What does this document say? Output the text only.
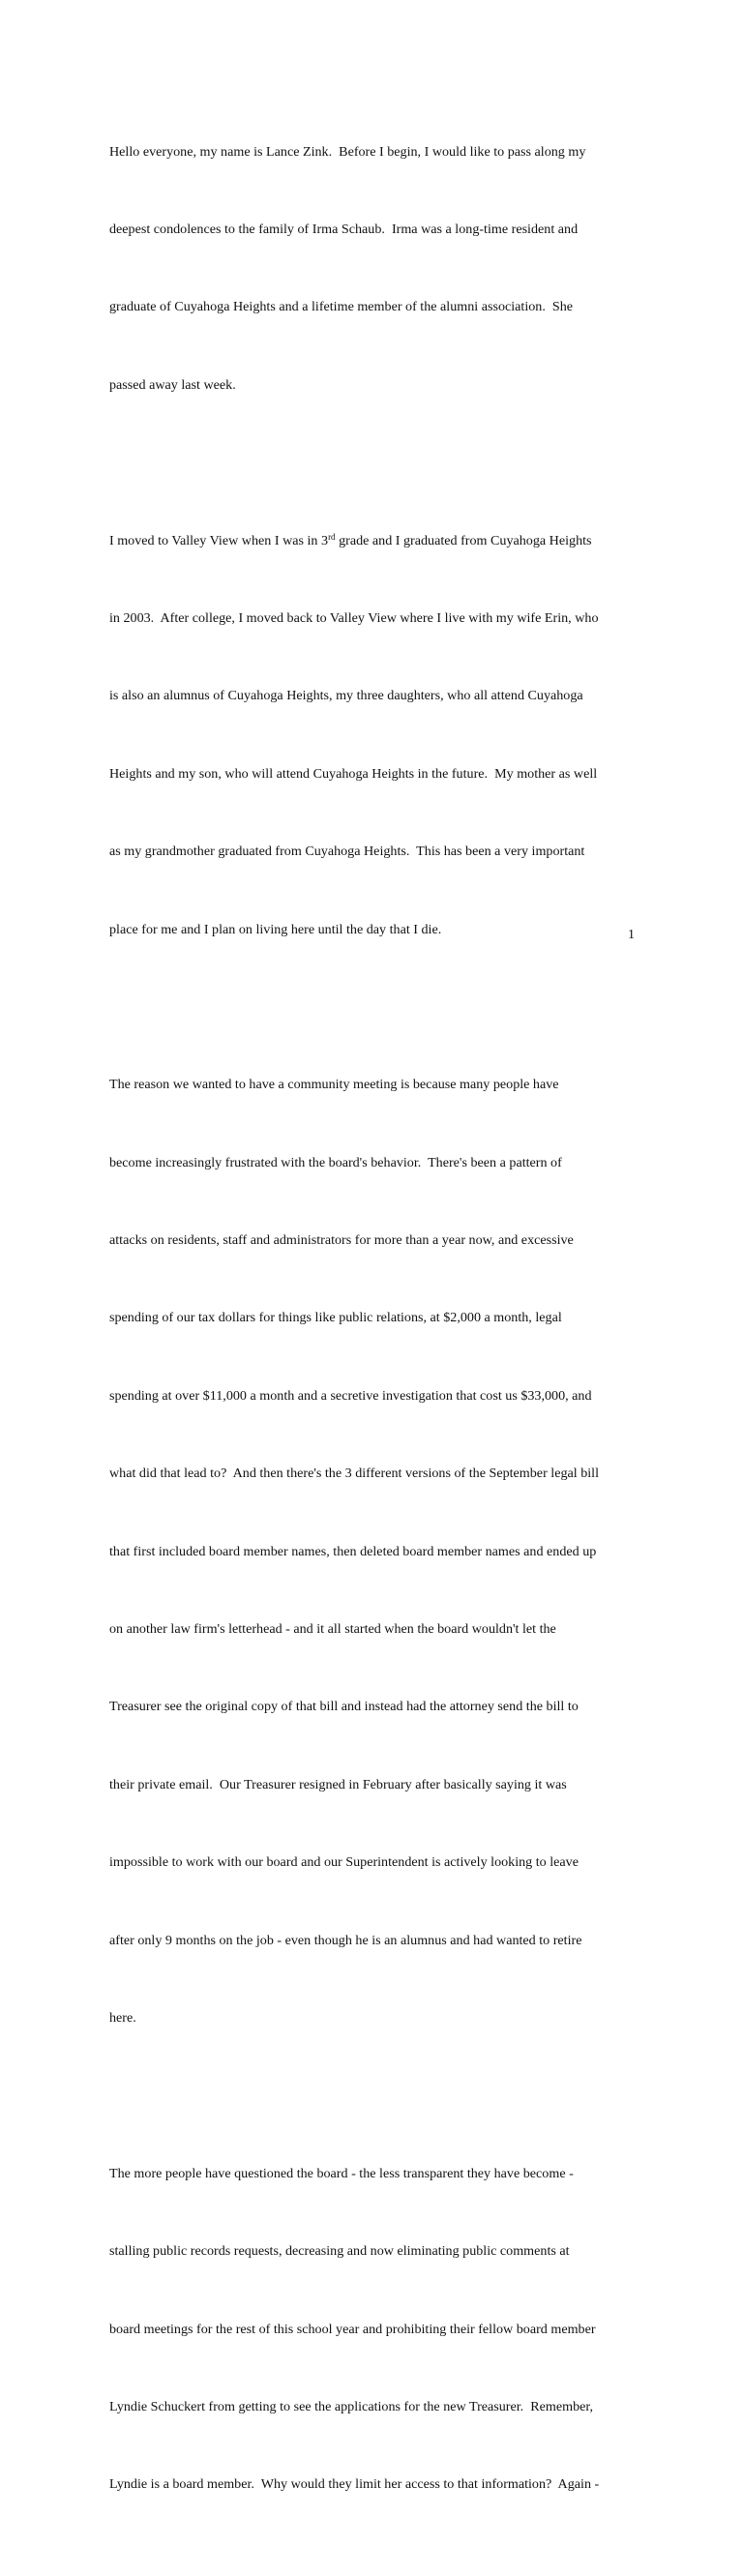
Hello everyone, my name is Lance Zink.  Before I begin, I would like to pass along my

deepest condolences to the family of Irma Schaub.  Irma was a long-time resident and

graduate of Cuyahoga Heights and a lifetime member of the alumni association.  She

passed away last week.

I moved to Valley View when I was in 3rd grade and I graduated from Cuyahoga Heights

in 2003.  After college, I moved back to Valley View where I live with my wife Erin, who

is also an alumnus of Cuyahoga Heights, my three daughters, who all attend Cuyahoga

Heights and my son, who will attend Cuyahoga Heights in the future.  My mother as well

as my grandmother graduated from Cuyahoga Heights.  This has been a very important

place for me and I plan on living here until the day that I die.

The reason we wanted to have a community meeting is because many people have

become increasingly frustrated with the board's behavior.  There's been a pattern of

attacks on residents, staff and administrators for more than a year now, and excessive

spending of our tax dollars for things like public relations, at $2,000 a month, legal

spending at over $11,000 a month and a secretive investigation that cost us $33,000, and

what did that lead to?  And then there's the 3 different versions of the September legal bill

that first included board member names, then deleted board member names and ended up

on another law firm's letterhead - and it all started when the board wouldn't let the

Treasurer see the original copy of that bill and instead had the attorney send the bill to

their private email.  Our Treasurer resigned in February after basically saying it was

impossible to work with our board and our Superintendent is actively looking to leave

after only 9 months on the job - even though he is an alumnus and had wanted to retire

here.

The more people have questioned the board - the less transparent they have become -

stalling public records requests, decreasing and now eliminating public comments at

board meetings for the rest of this school year and prohibiting their fellow board member

Lyndie Schuckert from getting to see the applications for the new Treasurer.  Remember,

Lyndie is a board member.  Why would they limit her access to that information?  Again -

1
